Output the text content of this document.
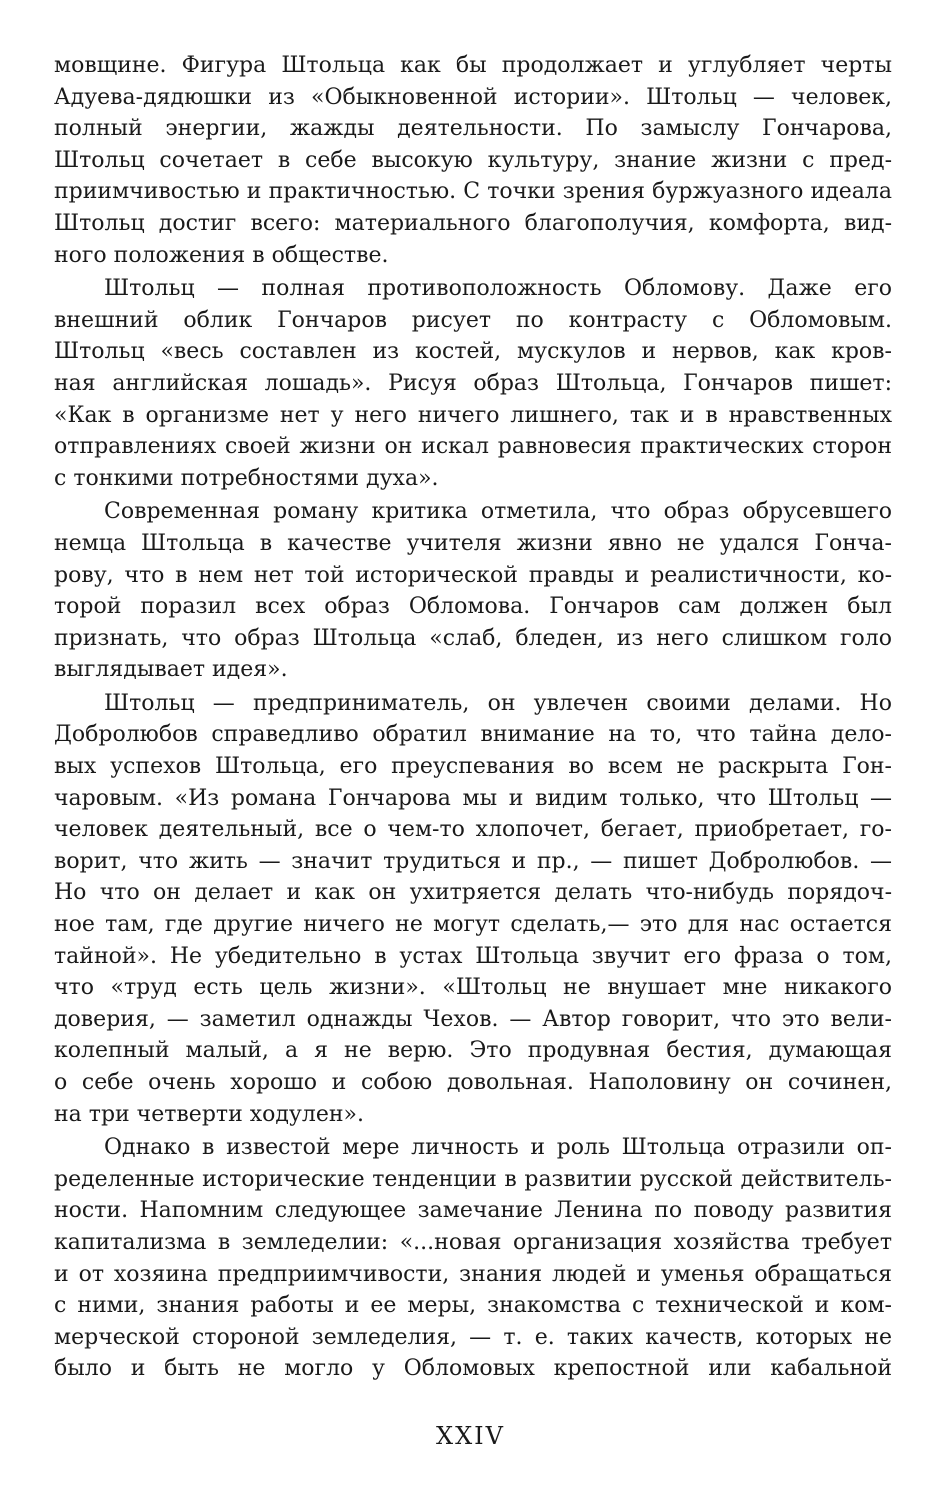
мовщине. Фигура Штольца как бы продолжает и углубляет черты
Адуева-дядюшки из «Обыкновенной истории». Штольц — человек,
полный энергии, жажды деятельности. По замыслу Гончарова,
Штольц сочетает в себе высокую культуру, знание жизни с пред-
приимчивостью и практичностью. С точки зрения буржуазного идеала
Штольц достиг всего: материального благополучия, комфорта, вид-
ного положения в обществе.
Штольц — полная противоположность Обломову. Даже его
внешний облик Гончаров рисует по контрасту с Обломовым.
Штольц «весь составлен из костей, мускулов и нервов, как кров-
ная английская лошадь». Рисуя образ Штольца, Гончаров пишет:
«Как в организме нет у него ничего лишнего, так и в нравственных
отправлениях своей жизни он искал равновесия практических сторон
с тонкими потребностями духа».
Современная роману критика отметила, что образ обрусевшего
немца Штольца в качестве учителя жизни явно не удался Гонча-
рову, что в нем нет той исторической правды и реалистичности, ко-
торой поразил всех образ Обломова. Гончаров сам должен был
признать, что образ Штольца «слаб, бледен, из него слишком голо
выглядывает идея».
Штольц — предприниматель, он увлечен своими делами. Но
Добролюбов справедливо обратил внимание на то, что тайна дело-
вых успехов Штольца, его преуспевания во всем не раскрыта Гон-
чаровым. «Из романа Гончарова мы и видим только, что Штольц —
человек деятельный, все о чем-то хлопочет, бегает, приобретает, го-
ворит, что жить — значит трудиться и пр., — пишет Добролюбов. —
Но что он делает и как он ухитряется делать что-нибудь порядоч-
ное там, где другие ничего не могут сделать,— это для нас остается
тайной». Не убедительно в устах Штольца звучит его фраза о том,
что «труд есть цель жизни». «Штольц не внушает мне никакого
доверия, — заметил однажды Чехов. — Автор говорит, что это вели-
колепный малый, а я не верю. Это продувная бестия, думающая
о себе очень хорошо и собою довольная. Наполовину он сочинен,
на три четверти ходулен».
Однако в известой мере личность и роль Штольца отразили оп-
ределенные исторические тенденции в развитии русской действитель-
ности. Напомним следующее замечание Ленина по поводу развития
капитализма в земледелии: «...новая организация хозяйства требует
и от хозяина предприимчивости, знания людей и уменья обращаться
с ними, знания работы и ее меры, знакомства с технической и ком-
мерческой стороной земледелия, — т. е. таких качеств, которых не
было и быть не могло у Обломовых крепостной или кабальной
XXIV
